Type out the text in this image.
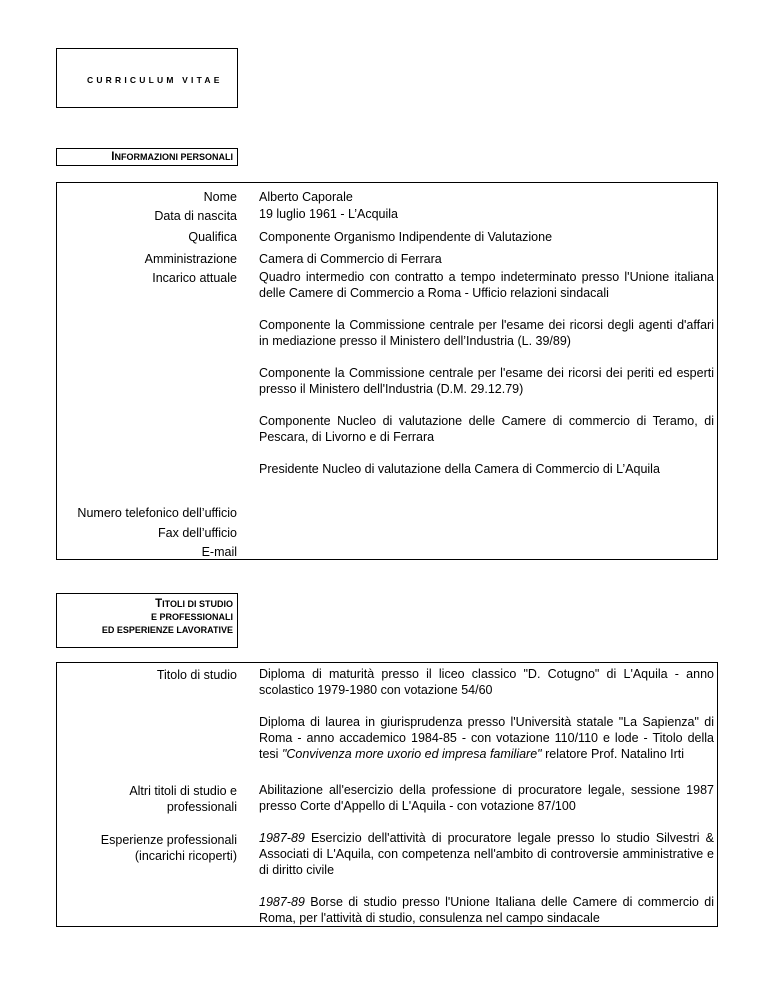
CURRICULUM VITAE
INFORMAZIONI PERSONALI
Nome Alberto Caporale
Data di nascita 19 luglio 1961 - L’Acquila
Qualifica Componente Organismo Indipendente di Valutazione
Amministrazione Camera di Commercio di Ferrara
Incarico attuale Quadro intermedio con contratto a tempo indeterminato presso l'Unione italiana delle Camere di Commercio a Roma - Ufficio relazioni sindacali
Componente la Commissione centrale per l'esame dei ricorsi degli agenti d'affari in mediazione presso il Ministero dell’Industria (L. 39/89)
Componente la Commissione centrale per l'esame dei ricorsi dei periti ed esperti presso il Ministero dell'Industria (D.M. 29.12.79)
Componente Nucleo di valutazione delle Camere di commercio di Teramo, di Pescara, di Livorno e di Ferrara
Presidente Nucleo di valutazione della Camera di Commercio di L’Aquila
Numero telefonico dell’ufficio
Fax dell’ufficio
E-mail
TITOLI DI STUDIO
E PROFESSIONALI
ED ESPERIENZE LAVORATIVE
Titolo di studio Diploma di maturità presso il liceo classico "D. Cotugno" di L'Aquila - anno scolastico 1979-1980 con votazione 54/60
Diploma di laurea in giurisprudenza presso l'Università statale "La Sapienza" di Roma - anno accademico 1984-85 - con votazione 110/110 e lode - Titolo della tesi "Convivenza more uxorio ed impresa familiare" relatore Prof. Natalino Irti
Altri titoli di studio e
professionali
Abilitazione all'esercizio della professione di procuratore legale, sessione 1987 presso Corte d'Appello di L'Aquila - con votazione 87/100
Esperienze professionali
(incarichi ricoperti)
1987-89 Esercizio dell'attività di procuratore legale presso lo studio Silvestri & Associati di L'Aquila, con competenza nell'ambito di controversie amministrative e di diritto civile
1987-89 Borse di studio presso l'Unione Italiana delle Camere di commercio di Roma, per l'attività di studio, consulenza nel campo sindacale
